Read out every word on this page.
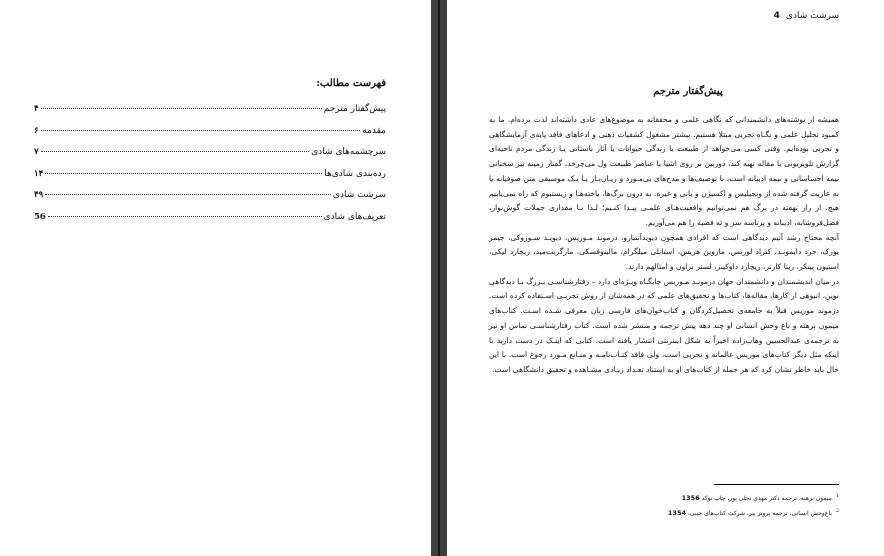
فهرست مطالب:
پیش‌گفتار مترجم
۴
مقدمه
۶
سرچشمه‌های شادی
۷
رده‌بندی شادی‌ها
۱۴
سرشت شادی
۴۹
تعریف‌های شادی
56
سرشت شادی
4
پیش‌گفتار مترجم

همیشه از نوشته‌های دانشمندانی که نگاهی علمی و محققانه به موضوع‌های عادی داشته‌اند لذت برده‌ام. ما به کمبود تحلیل علمی و نگـاه تجربی مبتلا هستیم. بیشتر مشغول کشفیات ذهنی و ادعاهای فاقد پایه‌ی آزمایشگاهی و تجربی بوده‌ایم. وقتی کسی می‌خواهد از طبیعت یا زندگی حیوانات یا آثار باستانی یـا زندگی مردم ناحیه‌ای گزارش تلویزیونی یا مقاله تهیه کند، دوربین بر روی اشیا یا عناصر طبیعت ول می‌چرخد، گفتار زمینه نیز سخنانی نیمه احساساتی و نیمه ادیبانه است، با توصیف‌ها و مدح‌های بی‌مـورد و زیـان‌بـار یـا یـک موسیقی متن صوفیانه یا به عاریت گرفته شده از ونجیلیس و اکسیژن و یانی و غیره. به درون برگ‌ها، یاخته‌هـا و زیستبوم که راه نمی‌یابیم هیچ، از راز نهفته در برگ هم نمی‌توانیم واقعیت‌هـای علمـی پیـدا کنـیم؛ لـذا بـا مقداری جملات گوش‌نواز، فضل‌فروشانه، ادیبانه و پرتاسه سر و ته قضیه را هم می‌آوریم.

آنچه محتاج رشد آنیم دیدگاهی است که افرادی همچون دیویدآتنبارو، دزموند مـوریس، دیویـد سـوزوکی، جیمز بورک، جرد دایمونـد، کنراد لورنس، ماروین هریس، استانلی میلگرام، مالینوفسکی، مارگریت‌مید، ریچارد لیکی، استیون پینکر، ریتا کارتر، ریچارد داوکینز، لستر براون و امثالهم دارند.

در میان اندیشمندان و دانشمندان جهان دزمونـد مـوریس جایگـاه ویـژه‌ای دارد – رفتارشناسـی بـزرگ بـا دیدگاهی نوین، انبوهی از کارها، مقاله‌ها، کتاب‌ها و تحقیق‌های علمی که در همه‌شان از روش تجربـی اسـتفاده کرده است. دزموند موریس قبلاً به جامعه‌ی تحصیل‌کردگان و کتاب‌خوان‌های فارسی زبان معرفی شـده اسـت. کتاب‌های میمون برهنه و باغ وحش انسانی او چند دهه پیش ترجمه و منتشر شده است. کتاب رفتارشناسـی تماس او نیز به ترجمه‌ی عبدالحسین وهاب‌زاده اخیراً به شکل اینترنتی انتشار یافته است. کتابی که اینـک در دست دارید با اینکه مثل دیگر کتاب‌های موریس عالمانه و تجربی است، ولی فاقد کتـاب‌نامـه و منـابع مـورد رجوع است. با این حال باید خاطر نشان کرد که هر جمله از کتاب‌های او به استناد تعـداد زیـادی مشـاهده و تحقیق دانشگاهی است.

$^1$ میمون برهنه، ترجمه دکتر مهدی تجلی پور، چاپ نوکد 1356
$^2$ باغ‌وحش انسانی، ترجمه پرویز پیر، شرکت کتاب‌های جیبی، 1354
